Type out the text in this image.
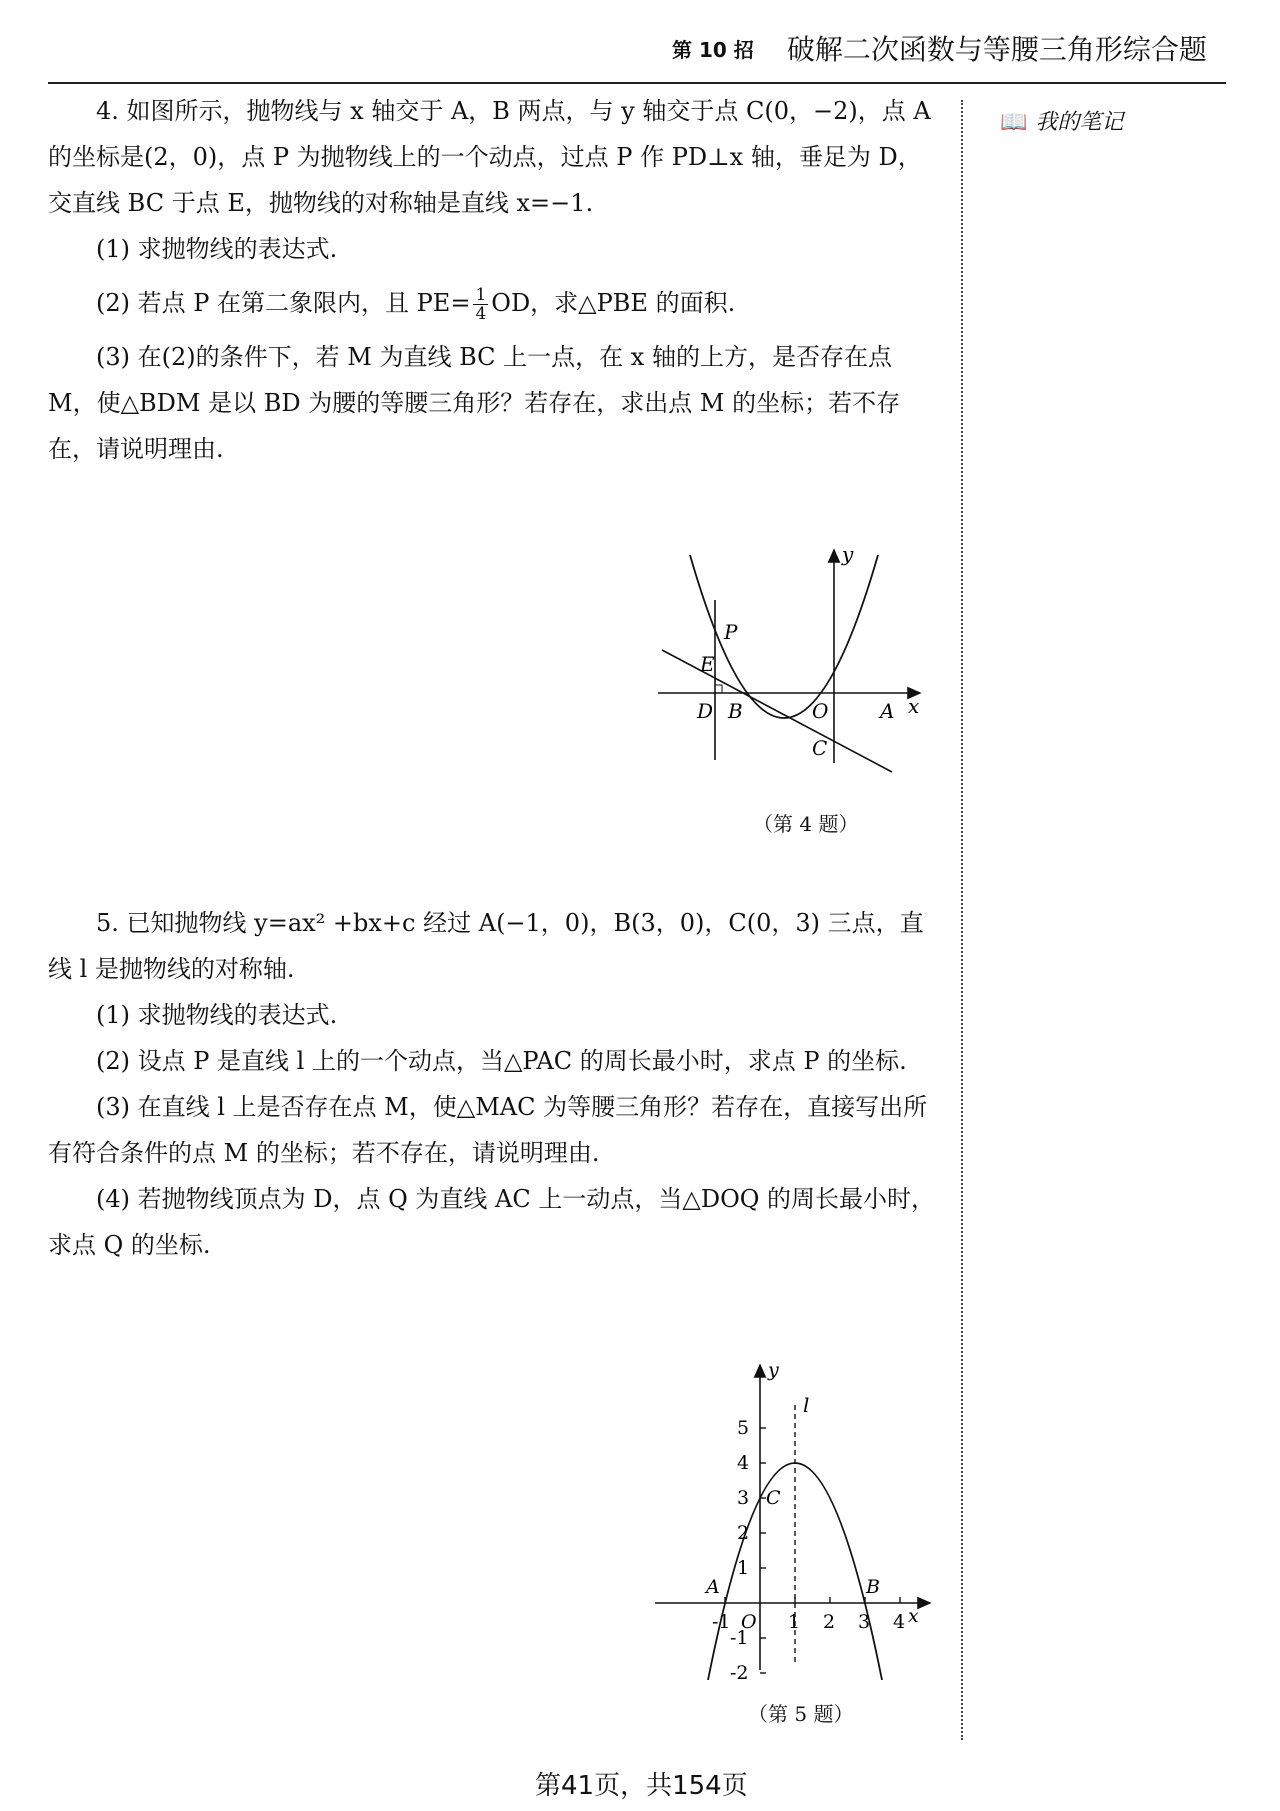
第 10 招 破解二次函数与等腰三角形综合题
📖 我的笔记

4. 如图所示，抛物线与 x 轴交于 A，B 两点，与 y 轴交于点 C(0，−2)，点 A 的坐标是(2，0)，点 P 为抛物线上的一个动点，过点 P 作 PD⊥x 轴，垂足为 D，交直线 BC 于点 E，抛物线的对称轴是直线 x=−1.

(1) 求抛物线的表达式.

(2) 若点 P 在第二象限内，且 $PE= \frac{1}{4}$ OD，求△PBE 的面积.

(3) 在(2)的条件下，若 M 为直线 BC 上一点，在 x 轴的上方，是否存在点 M，使△BDM 是以 BD 为腰的等腰三角形？若存在，求出点 M 的坐标；若不存在，请说明理由.

P
E
D B	O	A
C
x
y
（第 4 题）

5. 已知抛物线 y=ax² +bx+c 经过 A(−1，0)，B(3，0)，C(0，3) 三点，直线 l 是抛物线的对称轴.

(1) 求抛物线的表达式.

(2) 设点 P 是直线 l 上的一个动点，当△PAC 的周长最小时，求点 P 的坐标.

(3) 在直线 l 上是否存在点 M，使△MAC 为等腰三角形？若存在，直接写出所有符合条件的点 M 的坐标；若不存在，请说明理由.

(4) 若抛物线顶点为 D，点 Q 为直线 AC 上一动点，当△DOQ 的周长最小时，求点 Q 的坐标.

5
4
3
2
1
-1
-2
-1 O 1 2 3 4
A	B
C
l
x
y
（第 5 题）
第41页，共154页
